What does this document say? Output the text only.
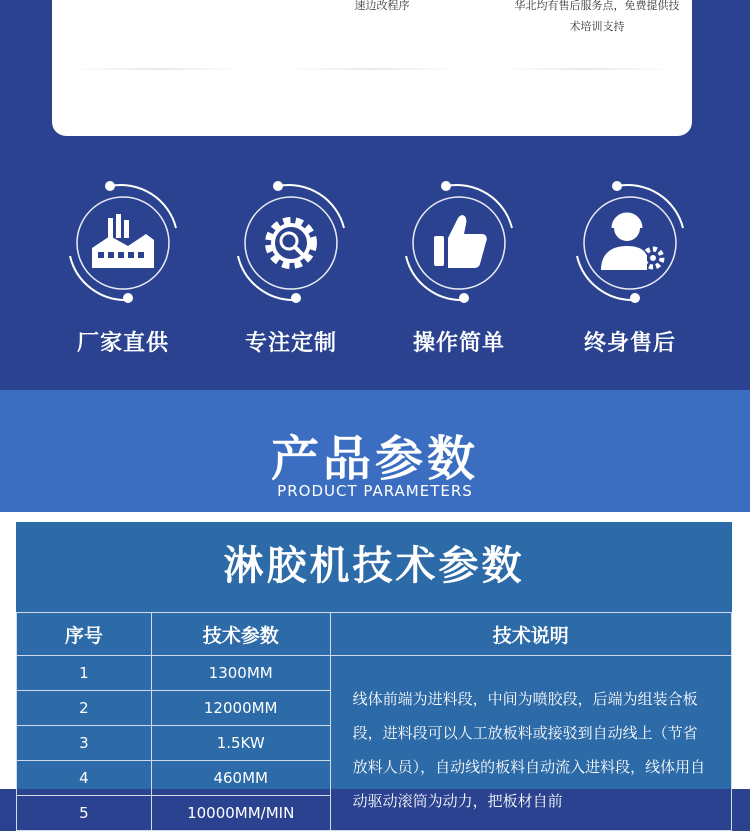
速边改程序	华北均有售后服务点，免费提供技
术培训支持
厂家直供	专注定制	操作简单	终身售后
产品参数
PRODUCT PARAMETERS
淋胶机技术参数
序号	技术参数	技术说明
1	1300MM	线体前端为进料段，中间为喷胶段，后端为组装合板段，进料段可以人工放板料或接驳到自动线上（节省放料人员），自动线的板料自动流入进料段，线体用自动驱动滚筒为动力，把板材自前
2	12000MM	
3	1.5KW	
4	460MM	
5	10000MM/MIN	
